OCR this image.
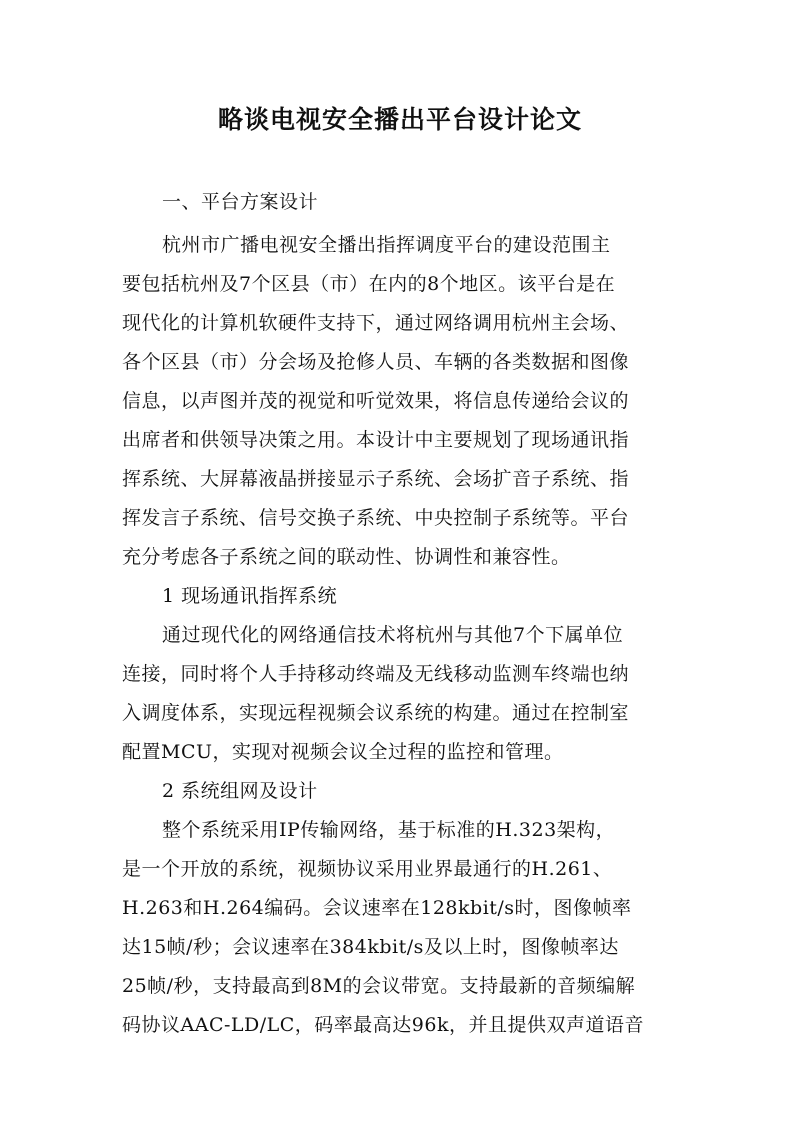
略谈电视安全播出平台设计论文
一、平台方案设计
杭州市广播电视安全播出指挥调度平台的建设范围主
要包括杭州及7个区县（市）在内的8个地区。该平台是在
现代化的计算机软硬件支持下，通过网络调用杭州主会场、
各个区县（市）分会场及抢修人员、车辆的各类数据和图像
信息，以声图并茂的视觉和听觉效果，将信息传递给会议的
出席者和供领导决策之用。本设计中主要规划了现场通讯指
挥系统、大屏幕液晶拼接显示子系统、会场扩音子系统、指
挥发言子系统、信号交换子系统、中央控制子系统等。平台
充分考虑各子系统之间的联动性、协调性和兼容性。
1 现场通讯指挥系统
通过现代化的网络通信技术将杭州与其他7个下属单位
连接，同时将个人手持移动终端及无线移动监测车终端也纳
入调度体系，实现远程视频会议系统的构建。通过在控制室
配置MCU，实现对视频会议全过程的监控和管理。
2 系统组网及设计
整个系统采用IP传输网络，基于标准的H.323架构，
是一个开放的系统，视频协议采用业界最通行的H.261、
H.263和H.264编码。会议速率在128kbit/s时，图像帧率
达15帧/秒；会议速率在384kbit/s及以上时，图像帧率达
25帧/秒，支持最高到8M的会议带宽。支持最新的音频编解
码协议AAC-LD/LC，码率最高达96k，并且提供双声道语音
